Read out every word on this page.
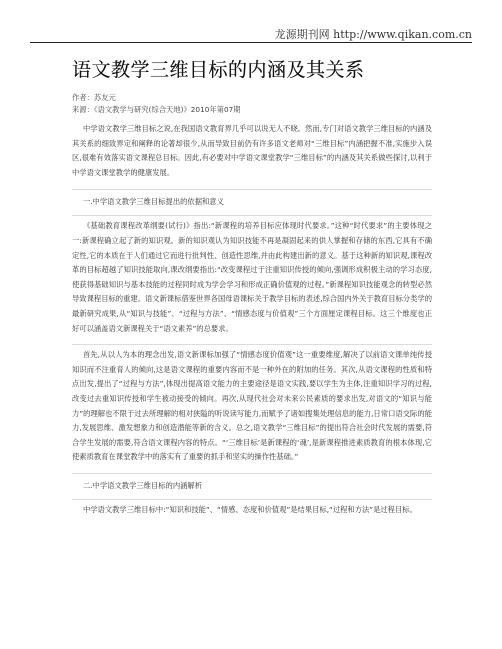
龙源期刊网 http://www.qikan.com.cn
语文教学三维目标的内涵及其关系
作者：苏友元
来源：《语文教学与研究(综合天地)》2010年第07期

中学语文教学三维目标之说,在我国语文教育界几乎可以说无人不晓。然而,专门对语文教学三维目标的内涵及其关系的细致界定和阐释的论著却很少,从而导致目前仍有许多语文老师对“三维目标”内涵把握不准,实施步入误区,很难有效落实语文课程总目标。因此,有必要对中学语文课堂教学“三维目标”的内涵及其关系做些探讨,以利于中学语文课堂教学的健康发展。

一.中学语文教学三维目标提出的依据和意义

《基础教育课程改革纲要(试行)》指出:“新课程的培养目标应体现时代要求。”这种“时代要求”的主要体现之一:新课程确立起了新的知识观。新的知识观认为知识技能不再是凝固起来的供人掌握和存储的东西,它具有不确定性,它的本质在于人们通过它而进行批判性、创造性思维,并由此构建出新的意义。基于这种新的知识观,课程改革的目标超越了知识技能取向,课改纲要指出:“改变课程过于注重知识传授的倾向,强调形成积极主动的学习态度,使获得基础知识与基本技能的过程同时成为学会学习和形成正确价值观的过程。”新课程知识技能观念的转型必然导致课程目标的重建。语文新课标借鉴世界各国母语课标关于教学目标的表述,综合国内外关于教育目标分类学的最新研究成果,从“知识与技能”、“过程与方法”、“情感态度与价值观”三个方面厘定课程目标。这三个维度也正好可以涵盖语文新课程关于“语文素养”的总要求。

首先,从以人为本的理念出发,语文新课标加强了“情感态度价值观”这一重要维度,解决了以前语文课单纯传授知识而不注重育人的倾向,这是语文课程的重要内容而不是一种外在的附加的任务。其次,从语文课程的性质和特点出发,提出了“过程与方法”,体现出提高语文能力的主要途径是语文实践,要以学生为主体,注重知识学习的过程,改变过去重知识传授和学生被动接受的倾向。再次,从现代社会对未来公民素质的要求出发,对语文的“知识与能力”的理解也不限于过去所理解的相对狭隘的听说读写能力,而赋予了诸如搜集处理信息的能力,日常口语交际的能力,发展思维、激发想象力和创造潜能等新的含义。总之,语文教学“三维目标”的提出符合社会时代发展的需要,符合学生发展的需要,符合语文课程内容的特点。“‘三维目标’是新课程的‘魂’,是新课程推进素质教育的根本体现,它使素质教育在课堂教学中的落实有了重要的抓手和坚实的操作性基础。”

二.中学语文教学三维目标的内涵解析

中学语文教学三维目标中:“知识和技能”、“情感、态度和价值观”是结果目标,“过程和方法”是过程目标。
